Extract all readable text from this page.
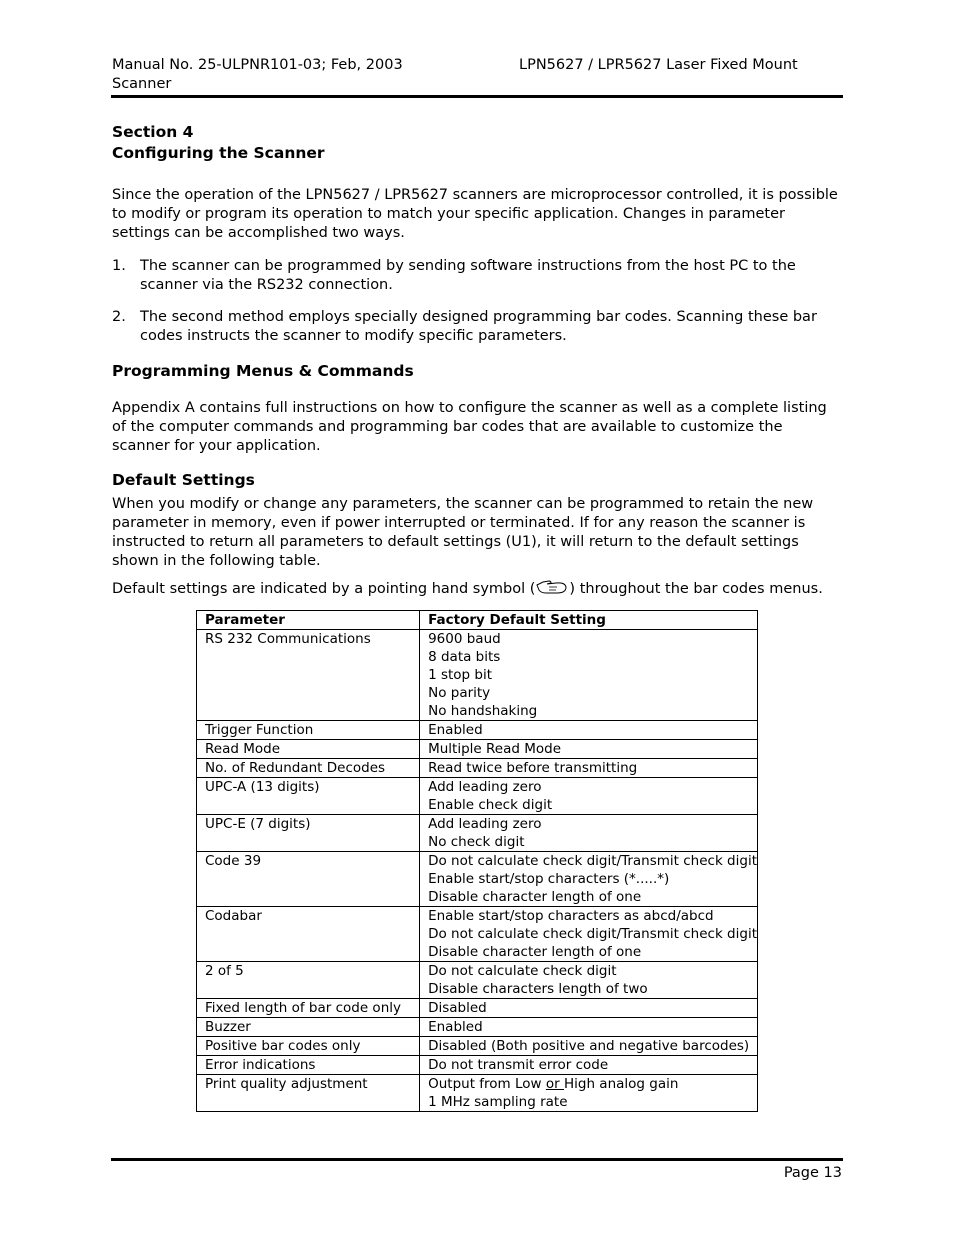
Manual No. 25-ULPNR101-03; Feb, 2003
Scanner
LPN5627 / LPR5627 Laser Fixed Mount
Section 4
Configuring the Scanner
Since the operation of the LPN5627 / LPR5627 scanners are microprocessor controlled, it is possible to modify or program its operation to match your specific application. Changes in parameter settings can be accomplished two ways.
1. The scanner can be programmed by sending software instructions from the host PC to the scanner via the RS232 connection.
2. The second method employs specially designed programming bar codes. Scanning these bar codes instructs the scanner to modify specific parameters.
Programming Menus & Commands
Appendix A contains full instructions on how to configure the scanner as well as a complete listing of the computer commands and programming bar codes that are available to customize the scanner for your application.
Default Settings
When you modify or change any parameters, the scanner can be programmed to retain the new parameter in memory, even if power interrupted or terminated. If for any reason the scanner is instructed to return all parameters to default settings (U1), it will return to the default settings shown in the following table.
Default settings are indicated by a pointing hand symbol ( ) throughout the bar codes menus.
Parameter	Factory Default Setting
RS 232 Communications	9600 baud
8 data bits
1 stop bit
No parity
No handshaking

Trigger Function	Enabled

Read Mode	Multiple Read Mode

No. of Redundant Decodes	Read twice before transmitting

UPC-A (13 digits)	Add leading zero
Enable check digit

UPC-E (7 digits)	Add leading zero
No check digit

Code 39	Do not calculate check digit/Transmit check digit
Enable start/stop characters (*.....*)
Disable character length of one

Codabar	Enable start/stop characters as abcd/abcd
Do not calculate check digit/Transmit check digit
Disable character length of one

2 of 5	Do not calculate check digit
Disable characters length of two

Fixed length of bar code only	Disabled

Buzzer	Enabled

Positive bar codes only	Disabled (Both positive and negative barcodes)

Error indications	Do not transmit error code

Print quality adjustment	Output from Low or High analog gain
1 MHz sampling rate
Page 13
